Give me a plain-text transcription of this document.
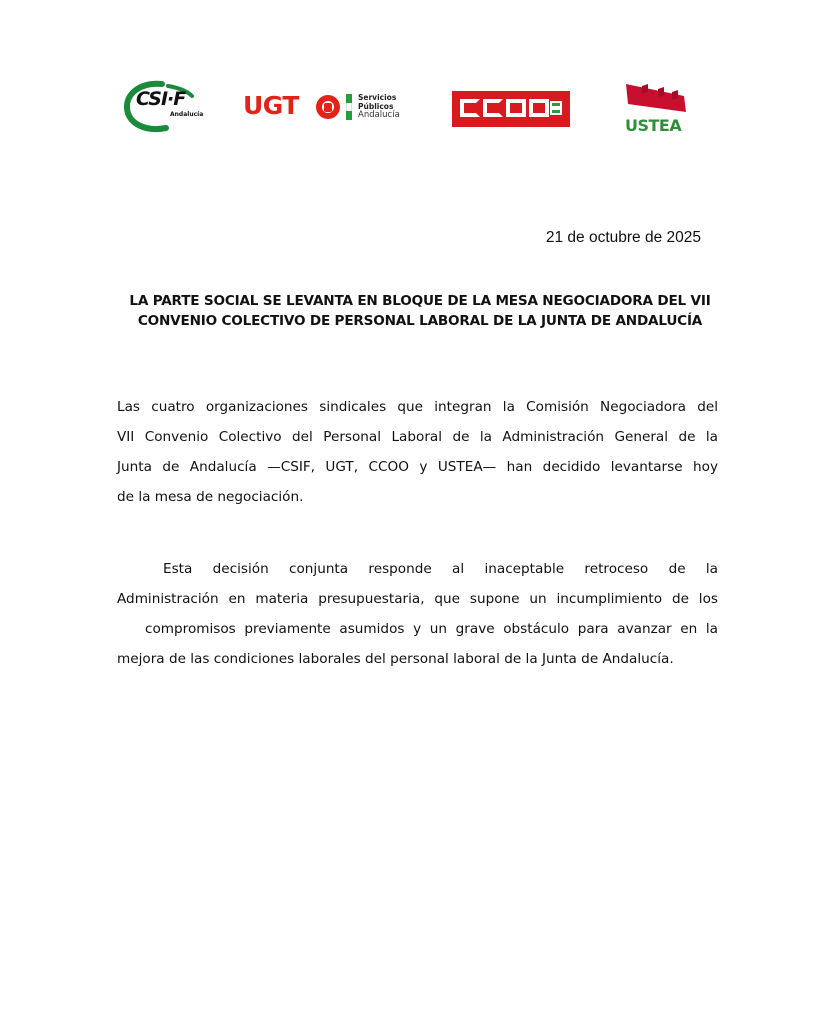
CSI·F
Andalucía UGT	Servicios
Públicos
Andalucía
USTEA
21 de octubre de 2025
LA PARTE SOCIAL SE LEVANTA EN BLOQUE DE LA MESA NEGOCIADORA DEL VII
CONVENIO COLECTIVO DE PERSONAL LABORAL DE LA JUNTA DE ANDALUCÍA
Las cuatro organizaciones sindicales que integran la Comisión Negociadora del
VII Convenio Colectivo del Personal Laboral de la Administración General de la
Junta de Andalucía —CSIF, UGT, CCOO y USTEA— han decidido levantarse hoy
de la mesa de negociación.
Esta decisión conjunta responde al inaceptable retroceso de la
Administración en materia presupuestaria, que supone un incumplimiento de los
compromisos previamente asumidos y un grave obstáculo para avanzar en la
mejora de las condiciones laborales del personal laboral de la Junta de Andalucía.
